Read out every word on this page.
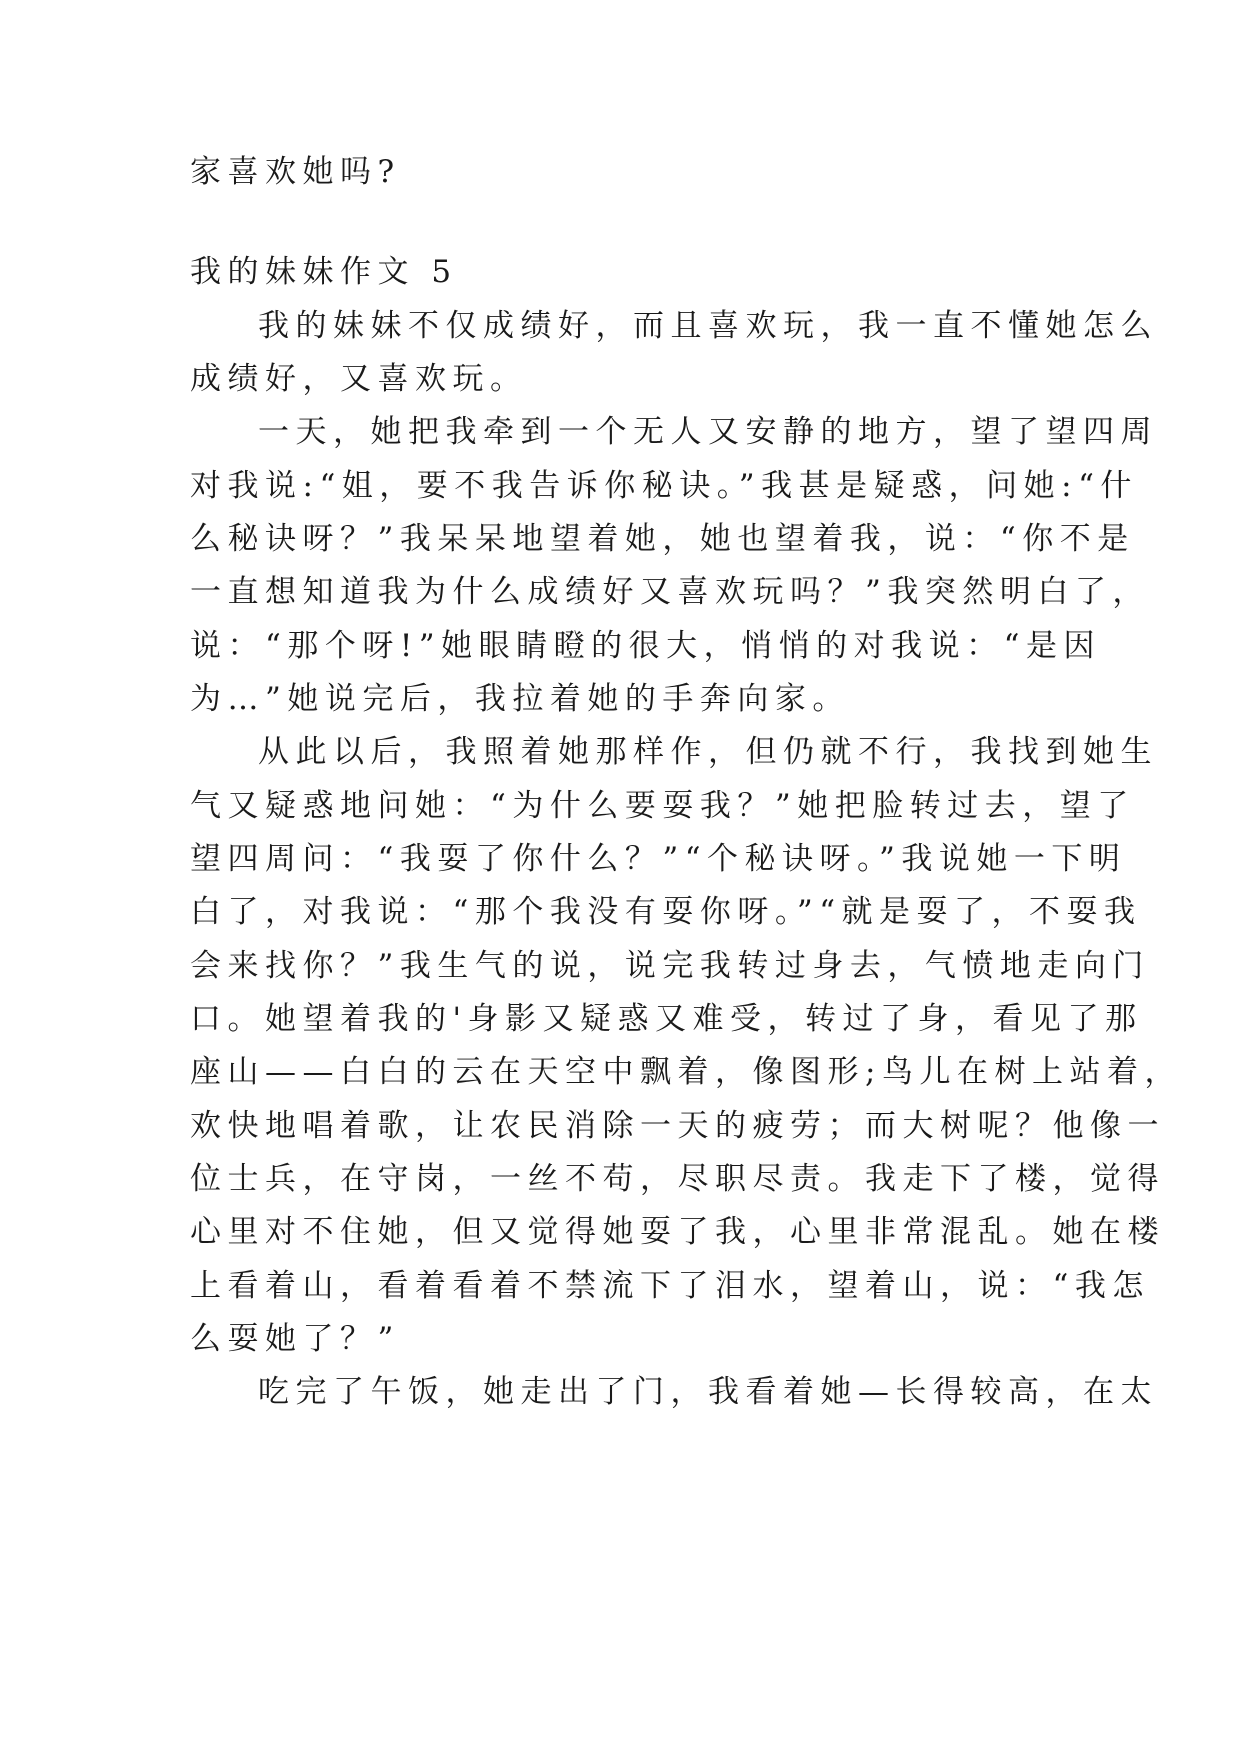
家喜欢她吗?
我的妹妹作文 5
我的妹妹不仅成绩好，而且喜欢玩，我一直不懂她怎么
成绩好，又喜欢玩。
一天，她把我牵到一个无人又安静的地方，望了望四周
对我说:“姐，要不我告诉你秘诀。”我甚是疑惑，问她:“什
么秘诀呀？”我呆呆地望着她，她也望着我，说：“你不是
一直想知道我为什么成绩好又喜欢玩吗？”我突然明白了，
说：“那个呀!”她眼睛瞪的很大，悄悄的对我说：“是因
为…”她说完后，我拉着她的手奔向家。
从此以后，我照着她那样作，但仍就不行，我找到她生
气又疑惑地问她：“为什么要耍我？”她把脸转过去，望了
望四周问：“我耍了你什么？”“个秘诀呀。”我说她一下明
白了，对我说：“那个我没有耍你呀。”“就是耍了，不耍我
会来找你？”我生气的说，说完我转过身去，气愤地走向门
口。她望着我的'身影又疑惑又难受，转过了身，看见了那
座山——白白的云在天空中飘着，像图形;鸟儿在树上站着，
欢快地唱着歌，让农民消除一天的疲劳；而大树呢？他像一
位士兵，在守岗，一丝不苟，尽职尽责。我走下了楼，觉得
心里对不住她，但又觉得她耍了我，心里非常混乱。她在楼
上看着山，看着看着不禁流下了泪水，望着山，说：“我怎
么耍她了？”
吃完了午饭，她走出了门，我看着她—长得较高，在太
